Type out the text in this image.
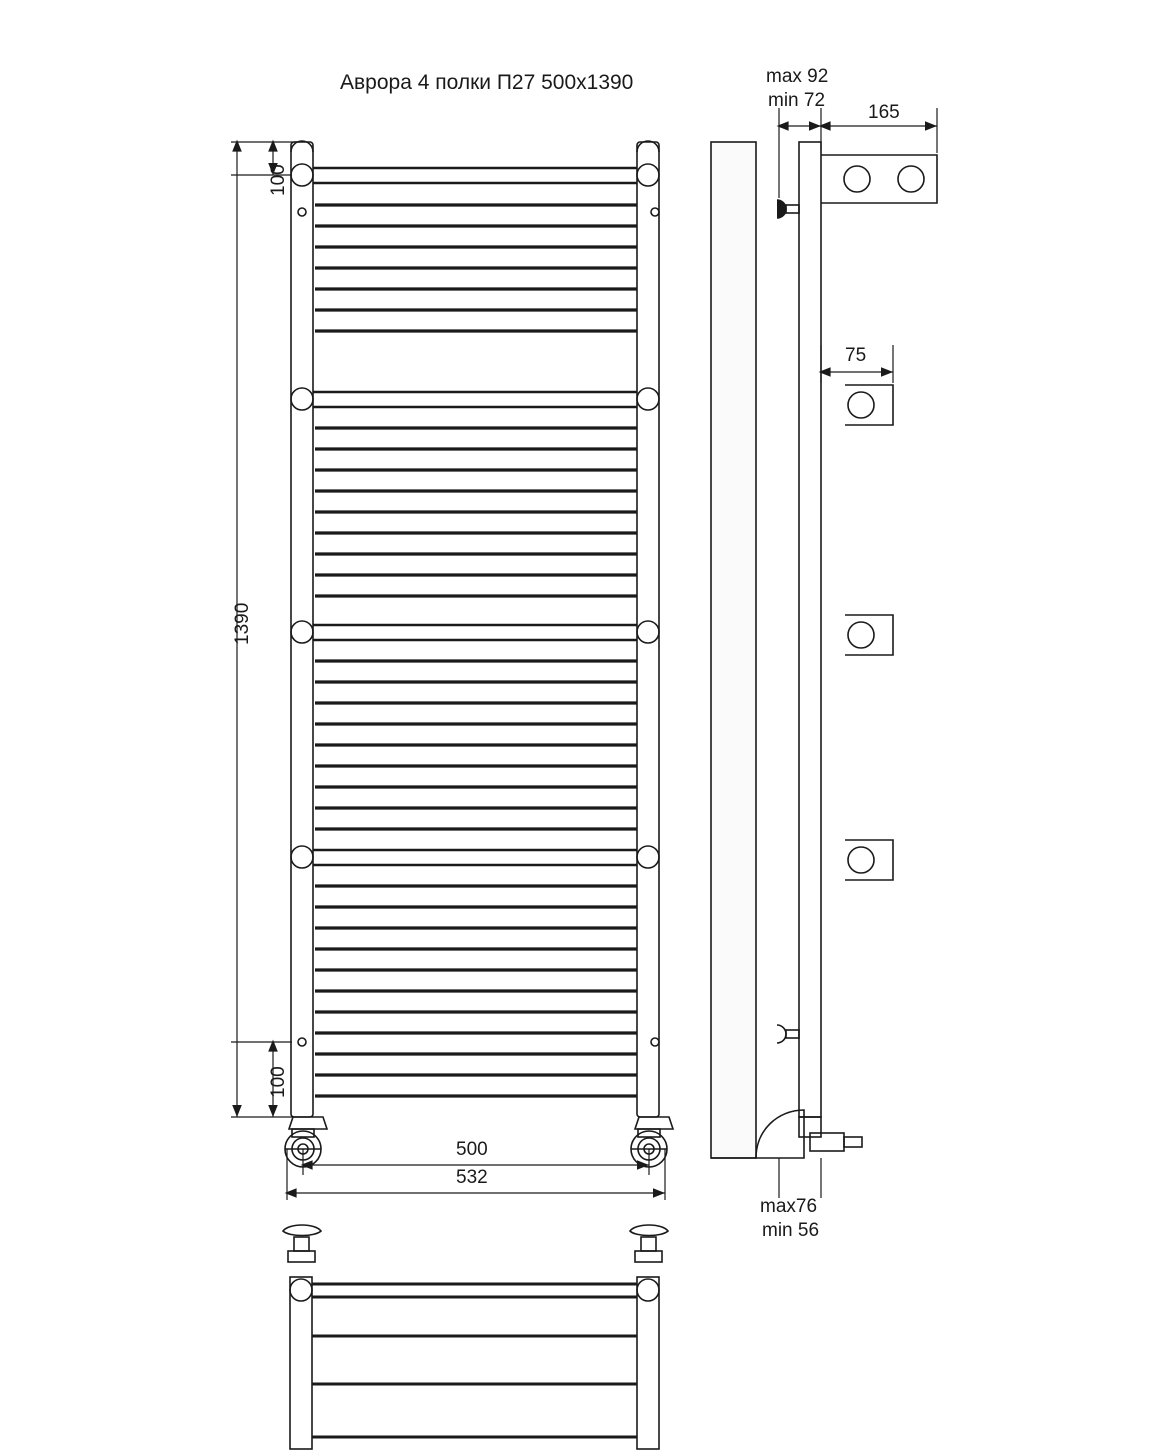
Аврора 4 полки П27 500х1390
1390
100
100
500
532
max 92
min 72
165
75
max76
min 56
